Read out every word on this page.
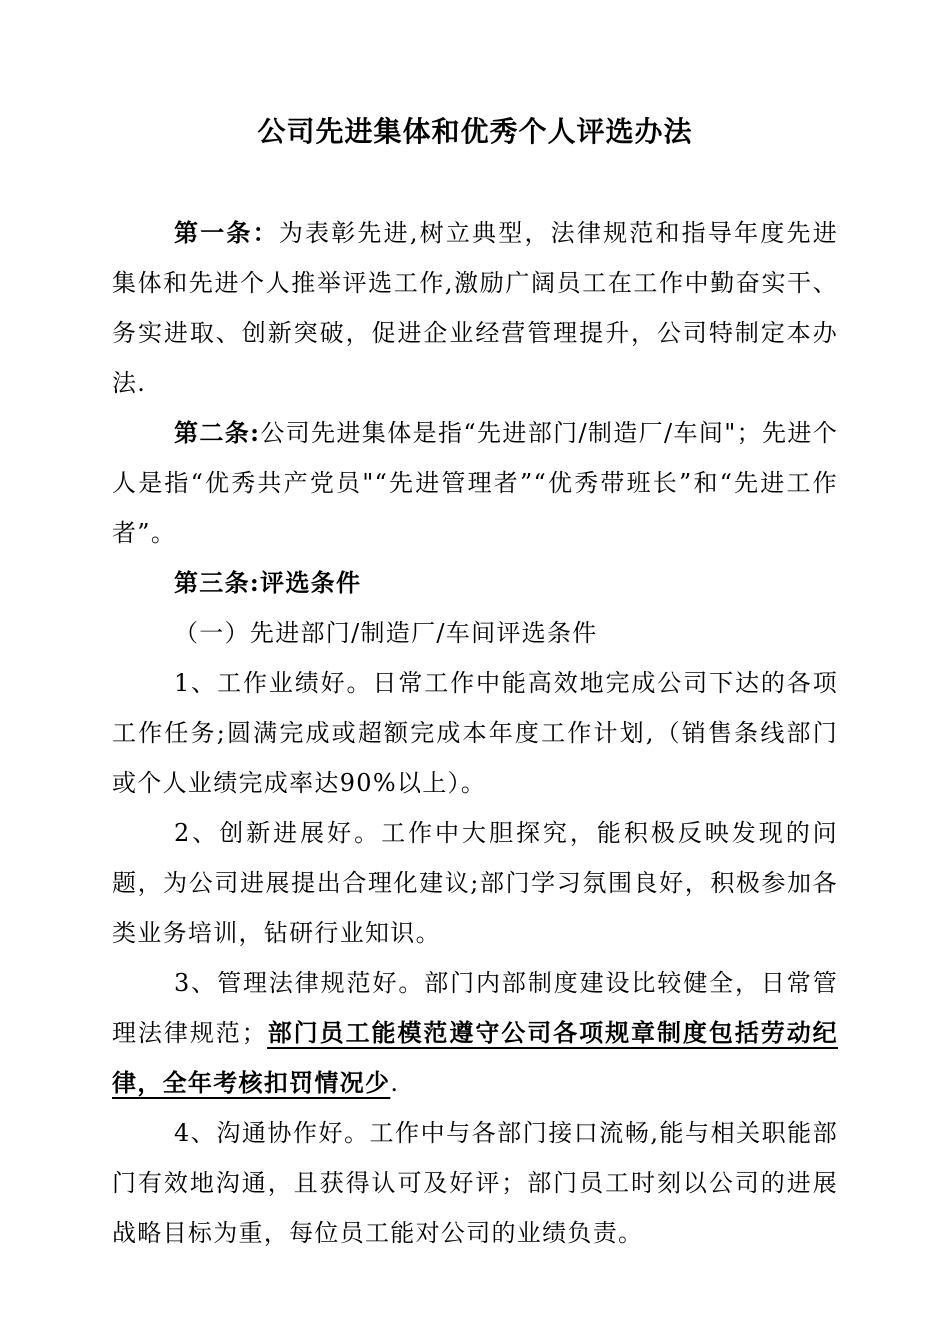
公司先进集体和优秀个人评选办法

第一条：为表彰先进,树立典型，法律规范和指导年度先进集体和先进个人推举评选工作,激励广阔员工在工作中勤奋实干、务实进取、创新突破，促进企业经营管理提升，公司特制定本办法.

第二条:公司先进集体是指“先进部门/制造厂/车间"；先进个人是指“优秀共产党员"“先进管理者”“优秀带班长”和“先进工作者”。

第三条:评选条件

（一）先进部门/制造厂/车间评选条件

1、工作业绩好。日常工作中能高效地完成公司下达的各项工作任务;圆满完成或超额完成本年度工作计划,（销售条线部门或个人业绩完成率达90%以上）。

2、创新进展好。工作中大胆探究，能积极反映发现的问题，为公司进展提出合理化建议;部门学习氛围良好，积极参加各类业务培训，钻研行业知识。

3、管理法律规范好。部门内部制度建设比较健全，日常管理法律规范；部门员工能模范遵守公司各项规章制度包括劳动纪律，全年考核扣罚情况少.

4、沟通协作好。工作中与各部门接口流畅,能与相关职能部门有效地沟通，且获得认可及好评；部门员工时刻以公司的进展战略目标为重，每位员工能对公司的业绩负责。
